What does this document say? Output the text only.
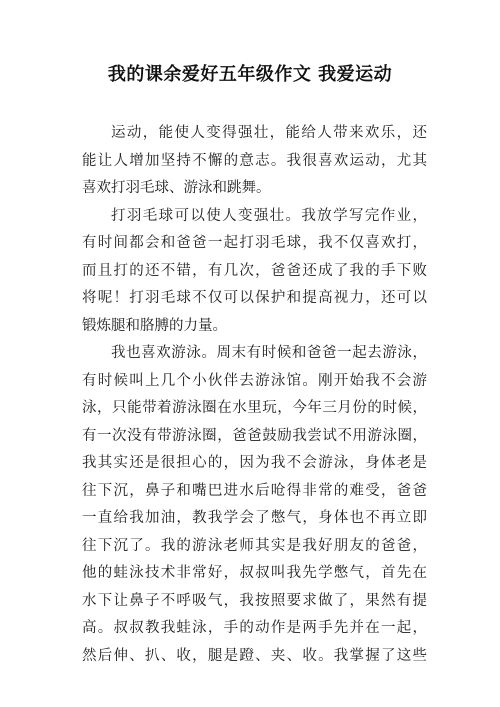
我的课余爱好五年级作文 我爱运动
运动，能使人变得强壮，能给人带来欢乐，还
能让人增加坚持不懈的意志。我很喜欢运动，尤其
喜欢打羽毛球、游泳和跳舞。
打羽毛球可以使人变强壮。我放学写完作业，
有时间都会和爸爸一起打羽毛球，我不仅喜欢打，
而且打的还不错，有几次，爸爸还成了我的手下败
将呢！打羽毛球不仅可以保护和提高视力，还可以
锻炼腿和胳膊的力量。
我也喜欢游泳。周末有时候和爸爸一起去游泳，
有时候叫上几个小伙伴去游泳馆。刚开始我不会游
泳，只能带着游泳圈在水里玩，今年三月份的时候，
有一次没有带游泳圈，爸爸鼓励我尝试不用游泳圈，
我其实还是很担心的，因为我不会游泳，身体老是
往下沉，鼻子和嘴巴进水后呛得非常的难受，爸爸
一直给我加油，教我学会了憋气，身体也不再立即
往下沉了。我的游泳老师其实是我好朋友的爸爸，
他的蛙泳技术非常好，叔叔叫我先学憋气，首先在
水下让鼻子不呼吸气，我按照要求做了，果然有提
高。叔叔教我蛙泳，手的动作是两手先并在一起，
然后伸、扒、收，腿是蹬、夹、收。我掌握了这些
